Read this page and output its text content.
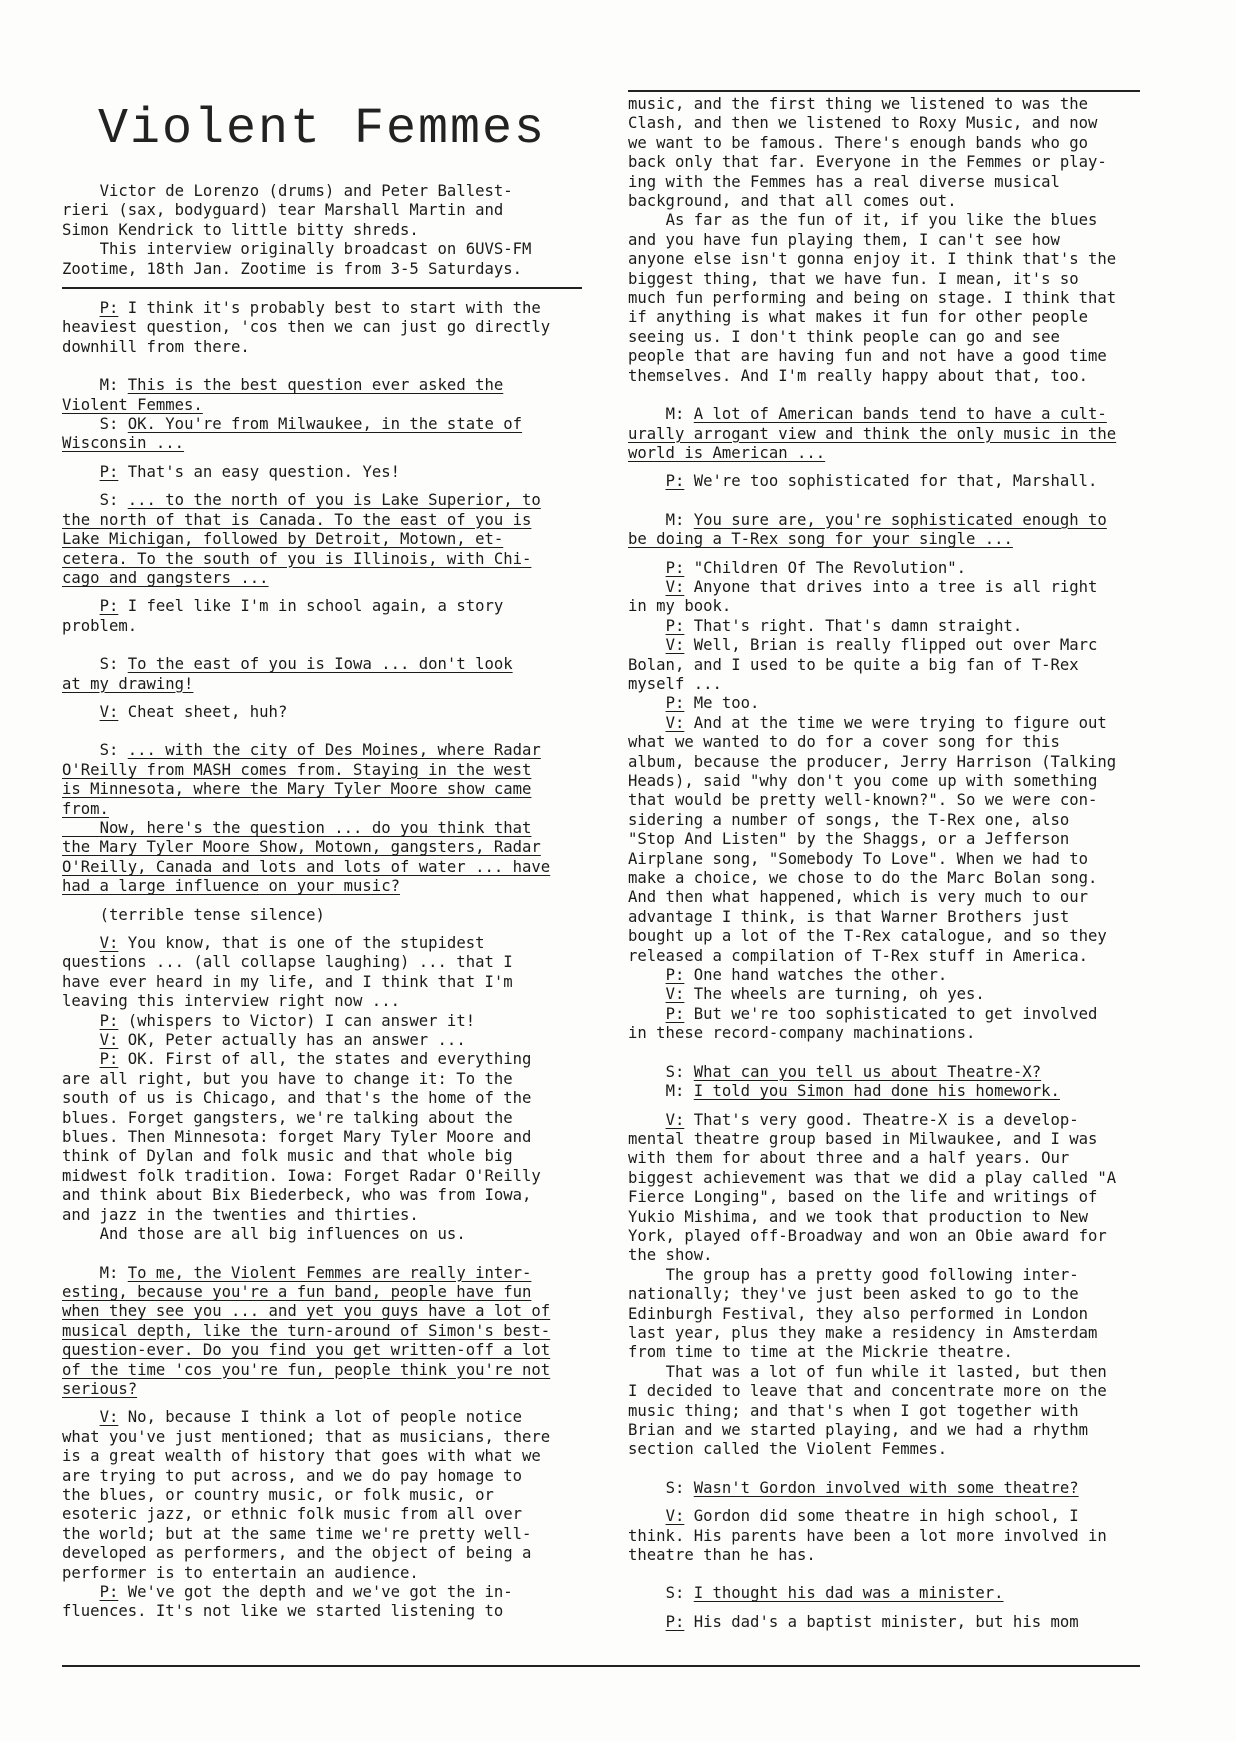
Violent Femmes

Victor de Lorenzo (drums) and Peter Ballest-
rieri (sax, bodyguard) tear Marshall Martin and
Simon Kendrick to little bitty shreds.

This interview originally broadcast on 6UVS-FM
Zootime, 18th Jan. Zootime is from 3-5 Saturdays.

P: I think it's probably best to start with the
heaviest question, 'cos then we can just go directly
downhill from there.

M: This is the best question ever asked the
Violent Femmes.

S: OK. You're from Milwaukee, in the state of
Wisconsin ...

P: That's an easy question. Yes!

S: ... to the north of you is Lake Superior, to
the north of that is Canada. To the east of you is
Lake Michigan, followed by Detroit, Motown, et-
cetera. To the south of you is Illinois, with Chi-
cago and gangsters ...

P: I feel like I'm in school again, a story
problem.

S: To the east of you is Iowa ... don't look
at my drawing!

V: Cheat sheet, huh?

S: ... with the city of Des Moines, where Radar
O'Reilly from MASH comes from. Staying in the west
is Minnesota, where the Mary Tyler Moore show came
from.
Now, here's the question ... do you think that
the Mary Tyler Moore Show, Motown, gangsters, Radar
O'Reilly, Canada and lots and lots of water ... have
had a large influence on your music?

(terrible tense silence)

V: You know, that is one of the stupidest
questions ... (all collapse laughing) ... that I
have ever heard in my life, and I think that I'm
leaving this interview right now ...

P: (whispers to Victor) I can answer it!

V: OK, Peter actually has an answer ...

P: OK. First of all, the states and everything
are all right, but you have to change it: To the
south of us is Chicago, and that's the home of the
blues. Forget gangsters, we're talking about the
blues. Then Minnesota: forget Mary Tyler Moore and
think of Dylan and folk music and that whole big
midwest folk tradition. Iowa: Forget Radar O'Reilly
and think about Bix Biederbeck, who was from Iowa,
and jazz in the twenties and thirties.
And those are all big influences on us.

M: To me, the Violent Femmes are really inter-
esting, because you're a fun band, people have fun
when they see you ... and yet you guys have a lot of
musical depth, like the turn-around of Simon's best-
question-ever. Do you find you get written-off a lot
of the time 'cos you're fun, people think you're not
serious?

V: No, because I think a lot of people notice
what you've just mentioned; that as musicians, there
is a great wealth of history that goes with what we
are trying to put across, and we do pay homage to
the blues, or country music, or folk music, or
esoteric jazz, or ethnic folk music from all over
the world; but at the same time we're pretty well-
developed as performers, and the object of being a
performer is to entertain an audience.

P: We've got the depth and we've got the in-
fluences. It's not like we started listening to

music, and the first thing we listened to was the
Clash, and then we listened to Roxy Music, and now
we want to be famous. There's enough bands who go
back only that far. Everyone in the Femmes or play-
ing with the Femmes has a real diverse musical
background, and that all comes out.
As far as the fun of it, if you like the blues
and you have fun playing them, I can't see how
anyone else isn't gonna enjoy it. I think that's the
biggest thing, that we have fun. I mean, it's so
much fun performing and being on stage. I think that
if anything is what makes it fun for other people
seeing us. I don't think people can go and see
people that are having fun and not have a good time
themselves. And I'm really happy about that, too.

M: A lot of American bands tend to have a cult-
urally arrogant view and think the only music in the
world is American ...

P: We're too sophisticated for that, Marshall.

M: You sure are, you're sophisticated enough to
be doing a T-Rex song for your single ...

P: "Children Of The Revolution".

V: Anyone that drives into a tree is all right
in my book.

P: That's right. That's damn straight.

V: Well, Brian is really flipped out over Marc
Bolan, and I used to be quite a big fan of T-Rex
myself ...

P: Me too.

V: And at the time we were trying to figure out
what we wanted to do for a cover song for this
album, because the producer, Jerry Harrison (Talking
Heads), said "why don't you come up with something
that would be pretty well-known?". So we were con-
sidering a number of songs, the T-Rex one, also
"Stop And Listen" by the Shaggs, or a Jefferson
Airplane song, "Somebody To Love". When we had to
make a choice, we chose to do the Marc Bolan song.
And then what happened, which is very much to our
advantage I think, is that Warner Brothers just
bought up a lot of the T-Rex catalogue, and so they
released a compilation of T-Rex stuff in America.

P: One hand watches the other.

V: The wheels are turning, oh yes.

P: But we're too sophisticated to get involved
in these record-company machinations.

S: What can you tell us about Theatre-X?

M: I told you Simon had done his homework.

V: That's very good. Theatre-X is a develop-
mental theatre group based in Milwaukee, and I was
with them for about three and a half years. Our
biggest achievement was that we did a play called "A
Fierce Longing", based on the life and writings of
Yukio Mishima, and we took that production to New
York, played off-Broadway and won an Obie award for
the show.
The group has a pretty good following inter-
nationally; they've just been asked to go to the
Edinburgh Festival, they also performed in London
last year, plus they make a residency in Amsterdam
from time to time at the Mickrie theatre.
That was a lot of fun while it lasted, but then
I decided to leave that and concentrate more on the
music thing; and that's when I got together with
Brian and we started playing, and we had a rhythm
section called the Violent Femmes.

S: Wasn't Gordon involved with some theatre?

V: Gordon did some theatre in high school, I
think. His parents have been a lot more involved in
theatre than he has.

S: I thought his dad was a minister.

P: His dad's a baptist minister, but his mom
